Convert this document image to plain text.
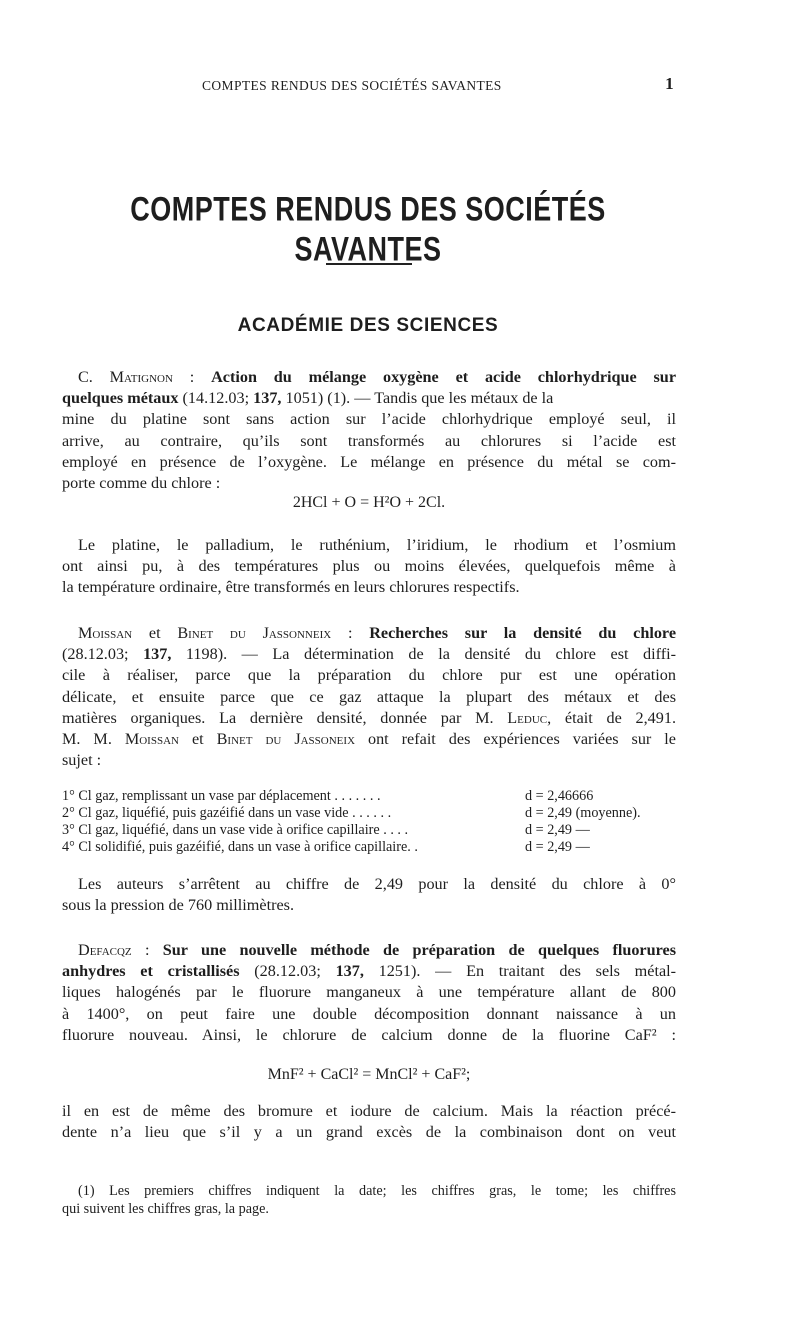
COMPTES RENDUS DES SOCIÉTÉS SAVANTES	1
COMPTES RENDUS DES SOCIÉTÉS SAVANTES
ACADÉMIE DES SCIENCES
C. Matignon : Action du mélange oxygène et acide chlorhydrique sur
quelques métaux (14.12.03; 137, 1051) (1). — Tandis que les métaux de la
mine du platine sont sans action sur l’acide chlorhydrique employé seul, il
arrive, au contraire, qu’ils sont transformés au chlorures si l’acide est
employé en présence de l’oxygène. Le mélange en présence du métal se com-
porte comme du chlore :
2HCl + O = H²O + 2Cl.
Le platine, le palladium, le ruthénium, l’iridium, le rhodium et l’osmium
ont ainsi pu, à des températures plus ou moins élevées, quelquefois même à
la température ordinaire, être transformés en leurs chlorures respectifs.
Moissan et Binet du Jassonneix : Recherches sur la densité du chlore
(28.12.03; 137, 1198). — La détermination de la densité du chlore est diffi-
cile à réaliser, parce que la préparation du chlore pur est une opération
délicate, et ensuite parce que ce gaz attaque la plupart des métaux et des
matières organiques. La dernière densité, donnée par M. Leduc, était de 2,491.
M. M. Moissan et Binet du Jassoneix ont refait des expériences variées sur le
sujet :
1° Cl gaz, remplissant un vase par déplacement . . . . . . .	d = 2,46666
2° Cl gaz, liquéfié, puis gazéifié dans un vase vide . . . . . .	d = 2,49 (moyenne).
3° Cl gaz, liquéfié, dans un vase vide à orifice capillaire . . . .	d = 2,49 —
4° Cl solidifié, puis gazéifié, dans un vase à orifice capillaire. .	d = 2,49 —
Les auteurs s’arrêtent au chiffre de 2,49 pour la densité du chlore à 0°
sous la pression de 760 millimètres.
Defacqz : Sur une nouvelle méthode de préparation de quelques fluorures
anhydres et cristallisés (28.12.03; 137, 1251). — En traitant des sels métal-
liques halogénés par le fluorure manganeux à une température allant de 800
à 1400°, on peut faire une double décomposition donnant naissance à un
fluorure nouveau. Ainsi, le chlorure de calcium donne de la fluorine CaF² :
MnF² + CaCl² = MnCl² + CaF²;
il en est de même des bromure et iodure de calcium. Mais la réaction précé-
dente n’a lieu que s’il y a un grand excès de la combinaison dont on veut
(1) Les premiers chiffres indiquent la date; les chiffres gras, le tome; les chiffres
qui suivent les chiffres gras, la page.
